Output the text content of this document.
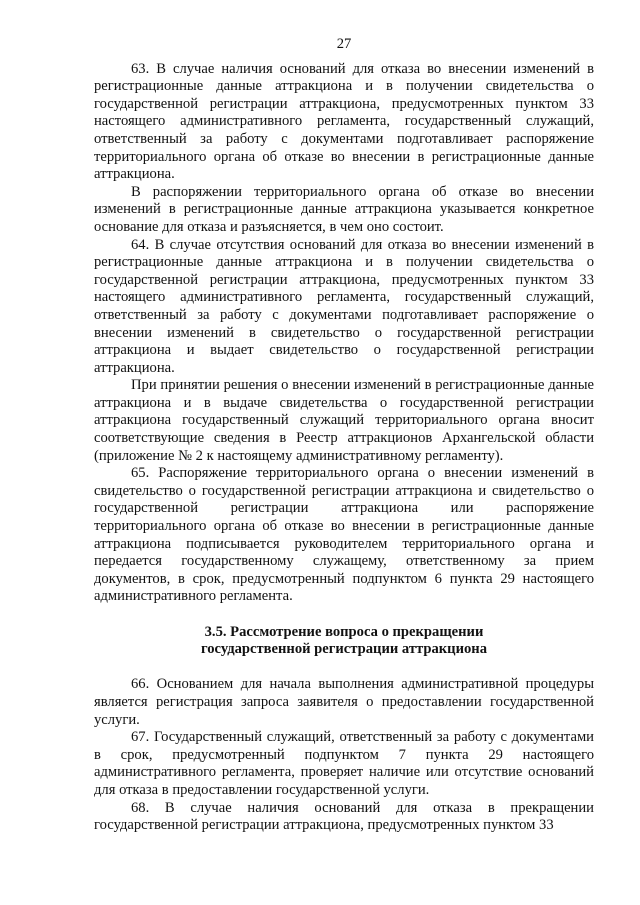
27

63. В случае наличия оснований для отказа во внесении изменений в регистрационные данные аттракциона и в получении свидетельства о государственной регистрации аттракциона, предусмотренных пунктом 33 настоящего административного регламента, государственный служащий, ответственный за работу с документами подготавливает распоряжение территориального органа об отказе во внесении в регистрационные данные аттракциона.

В распоряжении территориального органа об отказе во внесении изменений в регистрационные данные аттракциона указывается конкретное основание для отказа и разъясняется, в чем оно состоит.

64. В случае отсутствия оснований для отказа во внесении изменений в регистрационные данные аттракциона и в получении свидетельства о государственной регистрации аттракциона, предусмотренных пунктом 33 настоящего административного регламента, государственный служащий, ответственный за работу с документами подготавливает распоряжение о внесении изменений в свидетельство о государственной регистрации аттракциона и выдает свидетельство о государственной регистрации аттракциона.

При принятии решения о внесении изменений в регистрационные данные аттракциона и в выдаче свидетельства о государственной регистрации аттракциона государственный служащий территориального органа вносит соответствующие сведения в Реестр аттракционов Архангельской области (приложение № 2 к настоящему административному регламенту).

65. Распоряжение территориального органа о внесении изменений в свидетельство о государственной регистрации аттракциона и свидетельство о государственной регистрации аттракциона или распоряжение территориального органа об отказе во внесении в регистрационные данные аттракциона подписывается руководителем территориального органа и передается государственному служащему, ответственному за прием документов, в срок, предусмотренный подпунктом 6 пункта 29 настоящего административного регламента.

3.5. Рассмотрение вопроса о прекращении
государственной регистрации аттракциона

66. Основанием для начала выполнения административной процедуры является регистрация запроса заявителя о предоставлении государственной услуги.

67. Государственный служащий, ответственный за работу с документами в срок, предусмотренный подпунктом 7 пункта 29 настоящего административного регламента, проверяет наличие или отсутствие оснований для отказа в предоставлении государственной услуги.

68. В случае наличия оснований для отказа в прекращении государственной регистрации аттракциона, предусмотренных пунктом 33
